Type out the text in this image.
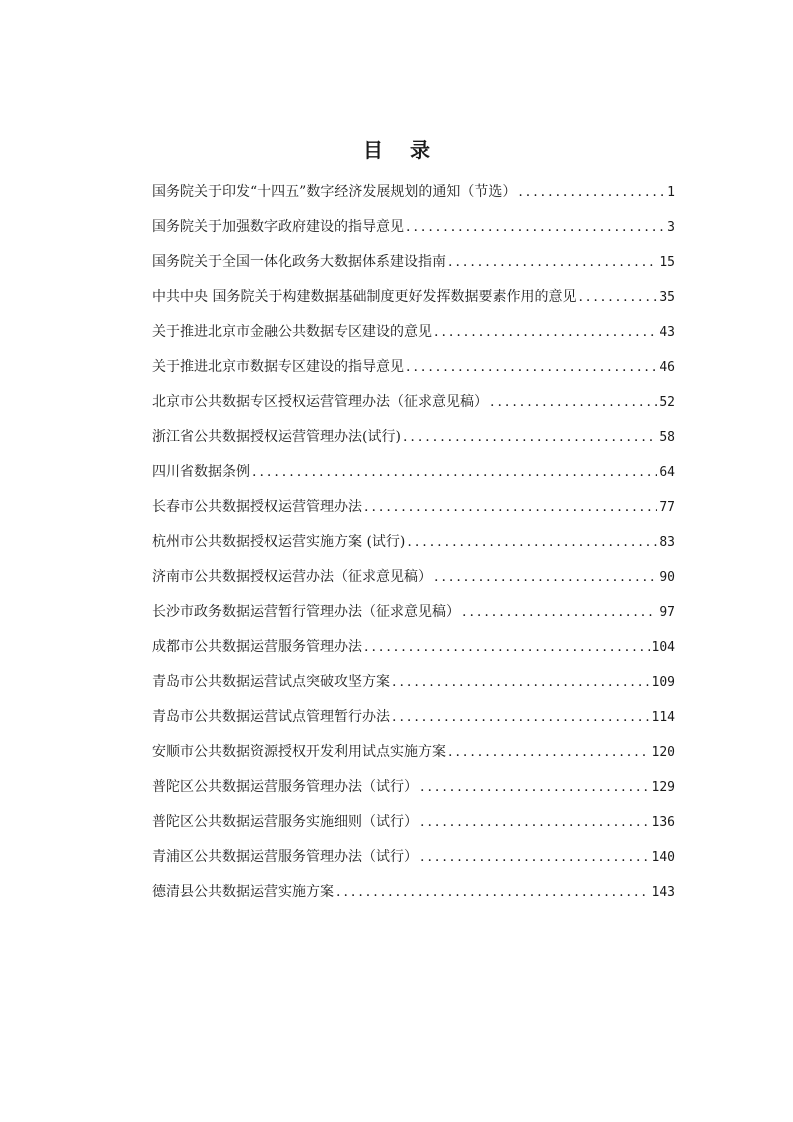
目 录
国务院关于印发“十四五”数字经济发展规划的通知（节选） .....	1
国务院关于加强数字政府建设的指导意见 .....	3
国务院关于全国一体化政务大数据体系建设指南 .....	15
中共中央 国务院关于构建数据基础制度更好发挥数据要素作用的意见 .....	35
关于推进北京市金融公共数据专区建设的意见 .....	43
关于推进北京市数据专区建设的指导意见 .....	46
北京市公共数据专区授权运营管理办法（征求意见稿） .....	52
浙江省公共数据授权运营管理办法(试行) .....	58
四川省数据条例 .....	64
长春市公共数据授权运营管理办法 .....	77
杭州市公共数据授权运营实施方案 (试行) .....	83
济南市公共数据授权运营办法（征求意见稿） .....	90
长沙市政务数据运营暂行管理办法（征求意见稿） .....	97
成都市公共数据运营服务管理办法 .....	104
青岛市公共数据运营试点突破攻坚方案 .....	109
青岛市公共数据运营试点管理暂行办法 .....	114
安顺市公共数据资源授权开发利用试点实施方案 .....	120
普陀区公共数据运营服务管理办法（试行） .....	129
普陀区公共数据运营服务实施细则（试行） .....	136
青浦区公共数据运营服务管理办法（试行） .....	140
德清县公共数据运营实施方案 .....	143
